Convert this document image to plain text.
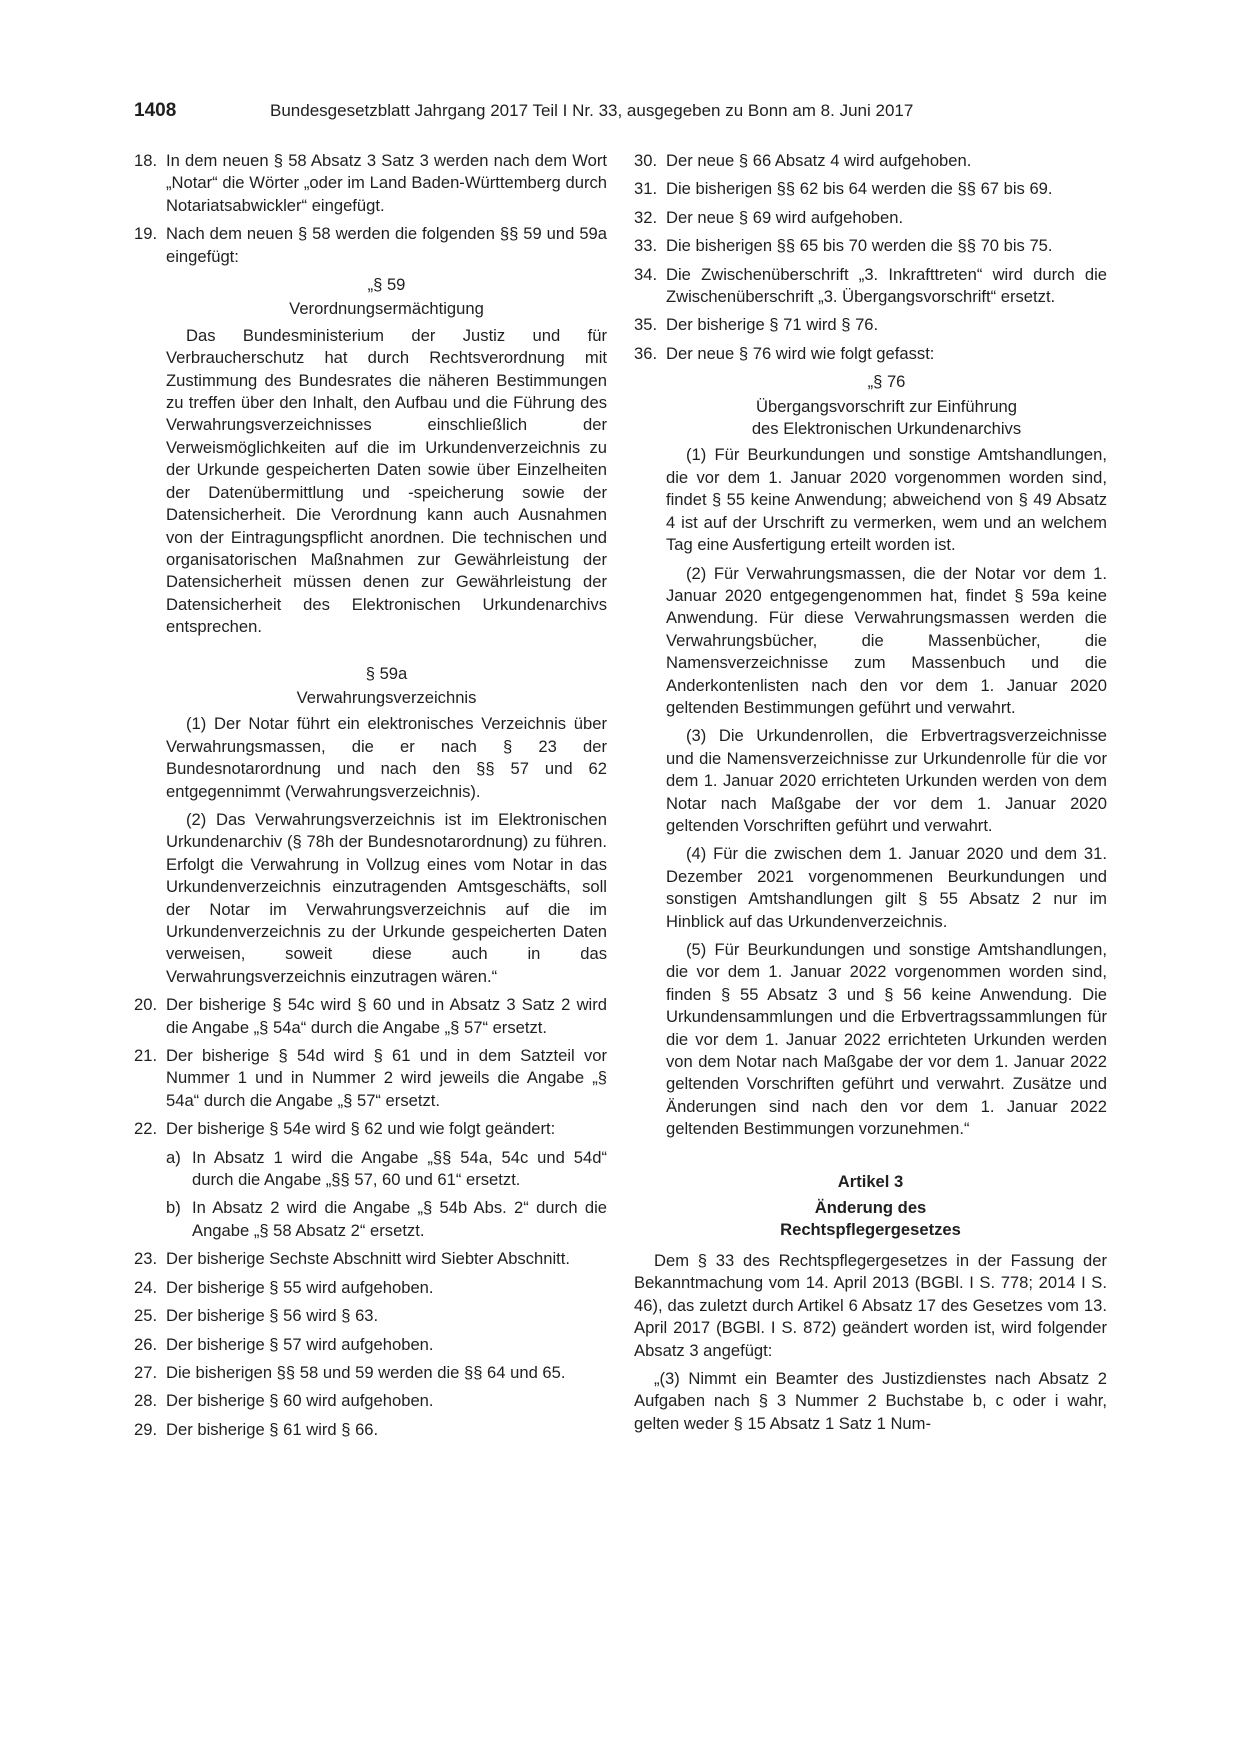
1408	Bundesgesetzblatt Jahrgang 2017 Teil I Nr. 33, ausgegeben zu Bonn am 8. Juni 2017
18. In dem neuen § 58 Absatz 3 Satz 3 werden nach dem Wort „Notar“ die Wörter „oder im Land Baden-Württemberg durch Notariatsabwickler“ eingefügt.
19. Nach dem neuen § 58 werden die folgenden §§ 59 und 59a eingefügt:
„§ 59
Verordnungsermächtigung

Das Bundesministerium der Justiz und für Verbraucherschutz hat durch Rechtsverordnung mit Zustimmung des Bundesrates die näheren Bestimmungen zu treffen über den Inhalt, den Aufbau und die Führung des Verwahrungsverzeichnisses einschließlich der Verweismöglichkeiten auf die im Urkundenverzeichnis zu der Urkunde gespeicherten Daten sowie über Einzelheiten der Datenübermittlung und -speicherung sowie der Datensicherheit. Die Verordnung kann auch Ausnahmen von der Eintragungspflicht anordnen. Die technischen und organisatorischen Maßnahmen zur Gewährleistung der Datensicherheit müssen denen zur Gewährleistung der Datensicherheit des Elektronischen Urkundenarchivs entsprechen.

§ 59a
Verwahrungsverzeichnis

(1) Der Notar führt ein elektronisches Verzeichnis über Verwahrungsmassen, die er nach § 23 der Bundesnotarordnung und nach den §§ 57 und 62 entgegennimmt (Verwahrungsverzeichnis).

(2) Das Verwahrungsverzeichnis ist im Elektronischen Urkundenarchiv (§ 78h der Bundesnotarordnung) zu führen. Erfolgt die Verwahrung in Vollzug eines vom Notar in das Urkundenverzeichnis einzutragenden Amtsgeschäfts, soll der Notar im Verwahrungsverzeichnis auf die im Urkundenverzeichnis zu der Urkunde gespeicherten Daten verweisen, soweit diese auch in das Verwahrungsverzeichnis einzutragen wären.“

20. Der bisherige § 54c wird § 60 und in Absatz 3 Satz 2 wird die Angabe „§ 54a“ durch die Angabe „§ 57“ ersetzt.
21. Der bisherige § 54d wird § 61 und in dem Satzteil vor Nummer 1 und in Nummer 2 wird jeweils die Angabe „§ 54a“ durch die Angabe „§ 57“ ersetzt.
22. Der bisherige § 54e wird § 62 und wie folgt geändert:
a) In Absatz 1 wird die Angabe „§§ 54a, 54c und 54d“ durch die Angabe „§§ 57, 60 und 61“ ersetzt.
b) In Absatz 2 wird die Angabe „§ 54b Abs. 2“ durch die Angabe „§ 58 Absatz 2“ ersetzt.
23. Der bisherige Sechste Abschnitt wird Siebter Abschnitt.
24. Der bisherige § 55 wird aufgehoben.
25. Der bisherige § 56 wird § 63.
26. Der bisherige § 57 wird aufgehoben.
27. Die bisherigen §§ 58 und 59 werden die §§ 64 und 65.
28. Der bisherige § 60 wird aufgehoben.
29. Der bisherige § 61 wird § 66.
30. Der neue § 66 Absatz 4 wird aufgehoben.
31. Die bisherigen §§ 62 bis 64 werden die §§ 67 bis 69.
32. Der neue § 69 wird aufgehoben.
33. Die bisherigen §§ 65 bis 70 werden die §§ 70 bis 75.
34. Die Zwischenüberschrift „3. Inkrafttreten“ wird durch die Zwischenüberschrift „3. Übergangsvorschrift“ ersetzt.
35. Der bisherige § 71 wird § 76.
36. Der neue § 76 wird wie folgt gefasst:
„§ 76
Übergangsvorschrift zur Einführung
des Elektronischen Urkundenarchivs

(1) Für Beurkundungen und sonstige Amtshandlungen, die vor dem 1. Januar 2020 vorgenommen worden sind, findet § 55 keine Anwendung; abweichend von § 49 Absatz 4 ist auf der Urschrift zu vermerken, wem und an welchem Tag eine Ausfertigung erteilt worden ist.

(2) Für Verwahrungsmassen, die der Notar vor dem 1. Januar 2020 entgegengenommen hat, findet § 59a keine Anwendung. Für diese Verwahrungsmassen werden die Verwahrungsbücher, die Massenbücher, die Namensverzeichnisse zum Massenbuch und die Anderkontenlisten nach den vor dem 1. Januar 2020 geltenden Bestimmungen geführt und verwahrt.

(3) Die Urkundenrollen, die Erbvertragsverzeichnisse und die Namensverzeichnisse zur Urkundenrolle für die vor dem 1. Januar 2020 errichteten Urkunden werden von dem Notar nach Maßgabe der vor dem 1. Januar 2020 geltenden Vorschriften geführt und verwahrt.

(4) Für die zwischen dem 1. Januar 2020 und dem 31. Dezember 2021 vorgenommenen Beurkundungen und sonstigen Amtshandlungen gilt § 55 Absatz 2 nur im Hinblick auf das Urkundenverzeichnis.

(5) Für Beurkundungen und sonstige Amtshandlungen, die vor dem 1. Januar 2022 vorgenommen worden sind, finden § 55 Absatz 3 und § 56 keine Anwendung. Die Urkundensammlungen und die Erbvertragssammlungen für die vor dem 1. Januar 2022 errichteten Urkunden werden von dem Notar nach Maßgabe der vor dem 1. Januar 2022 geltenden Vorschriften geführt und verwahrt. Zusätze und Änderungen sind nach den vor dem 1. Januar 2022 geltenden Bestimmungen vorzunehmen.“

Artikel 3
Änderung des
Rechtspflegergesetzes

Dem § 33 des Rechtspflegergesetzes in der Fassung der Bekanntmachung vom 14. April 2013 (BGBl. I S. 778; 2014 I S. 46), das zuletzt durch Artikel 6 Absatz 17 des Gesetzes vom 13. April 2017 (BGBl. I S. 872) geändert worden ist, wird folgender Absatz 3 angefügt:

„(3) Nimmt ein Beamter des Justizdienstes nach Absatz 2 Aufgaben nach § 3 Nummer 2 Buchstabe b, c oder i wahr, gelten weder § 15 Absatz 1 Satz 1 Num-
